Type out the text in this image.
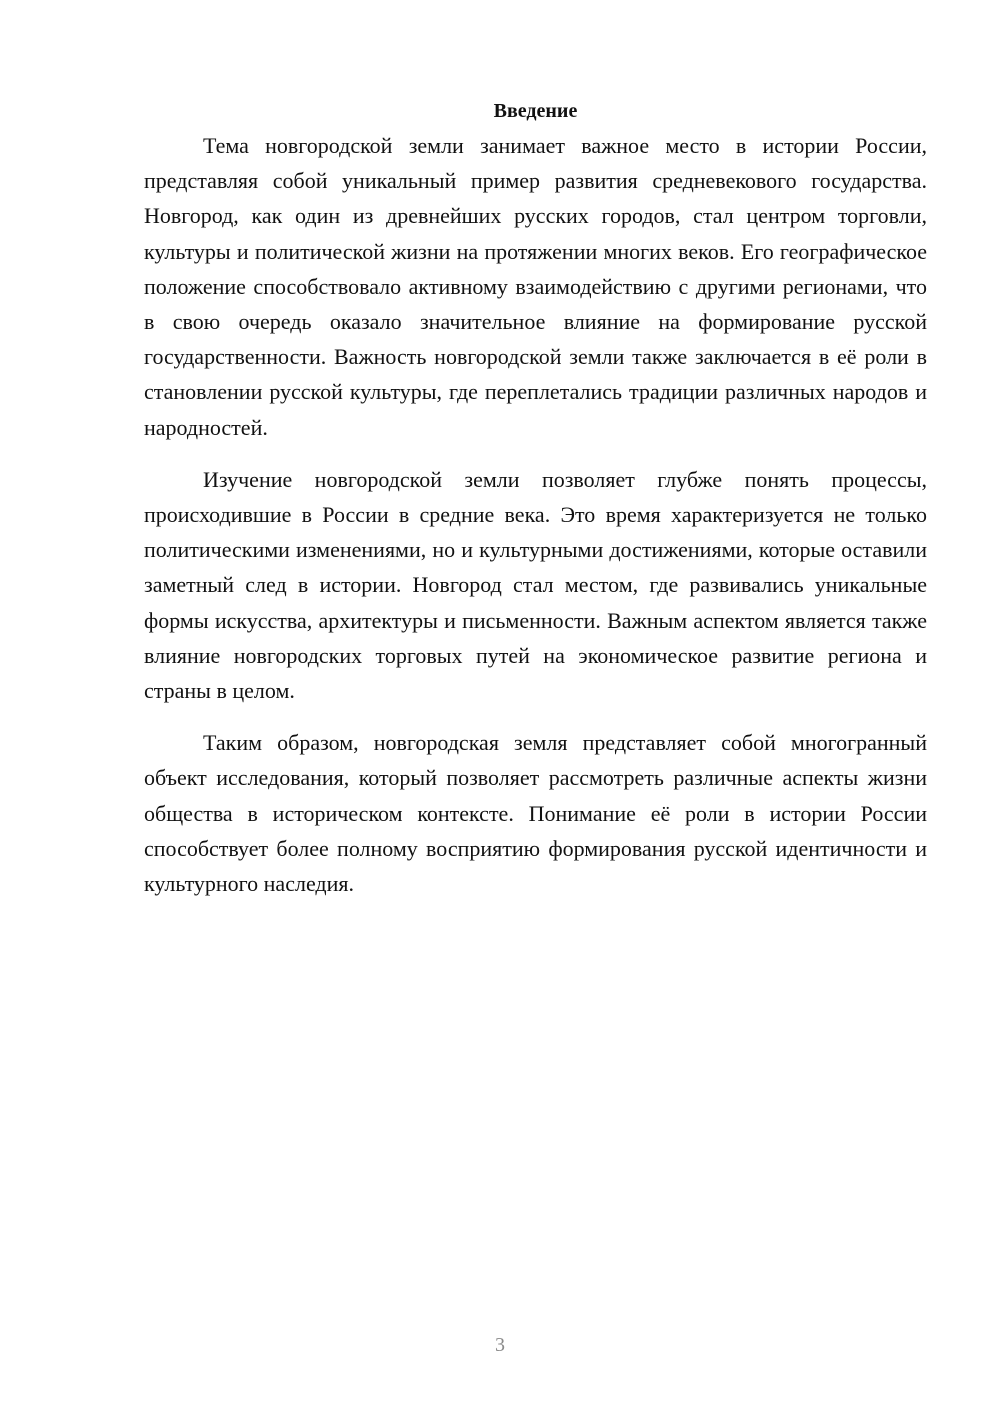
Введение

Тема новгородской земли занимает важное место в истории России, представляя собой уникальный пример развития средневекового государства. Новгород, как один из древнейших русских городов, стал центром торговли, культуры и политической жизни на протяжении многих веков. Его географическое положение способствовало активному взаимодействию с другими регионами, что в свою очередь оказало значительное влияние на формирование русской государственности. Важность новгородской земли также заключается в её роли в становлении русской культуры, где переплетались традиции различных народов и народностей.

Изучение новгородской земли позволяет глубже понять процессы, происходившие в России в средние века. Это время характеризуется не только политическими изменениями, но и культурными достижениями, которые оставили заметный след в истории. Новгород стал местом, где развивались уникальные формы искусства, архитектуры и письменности. Важным аспектом является также влияние новгородских торговых путей на экономическое развитие региона и страны в целом.

Таким образом, новгородская земля представляет собой многогранный объект исследования, который позволяет рассмотреть различные аспекты жизни общества в историческом контексте. Понимание её роли в истории России способствует более полному восприятию формирования русской идентичности и культурного наследия.

3
